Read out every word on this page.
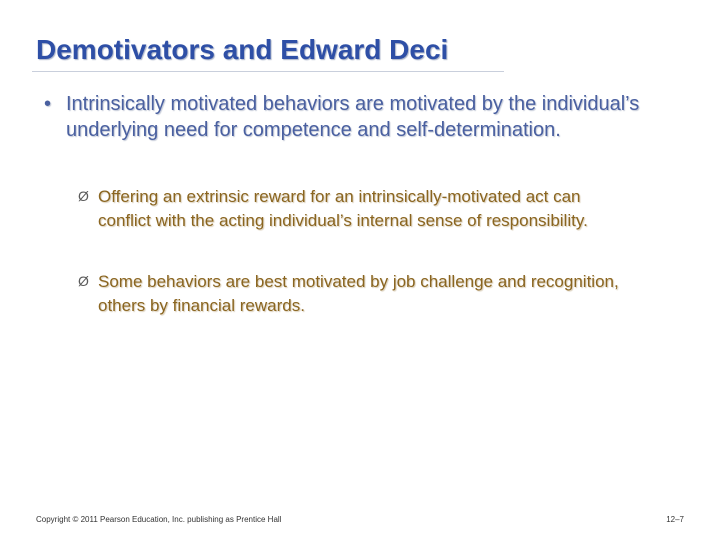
Demotivators and Edward Deci
• Intrinsically motivated behaviors are motivated by the individual’s underlying need for competence and self-determination.
Ø Offering an extrinsic reward for an intrinsically-motivated act can conflict with the acting individual’s internal sense of responsibility.
Ø Some behaviors are best motivated by job challenge and recognition, others by financial rewards.
Copyright © 2011 Pearson Education, Inc. publishing as Prentice Hall	12–7
